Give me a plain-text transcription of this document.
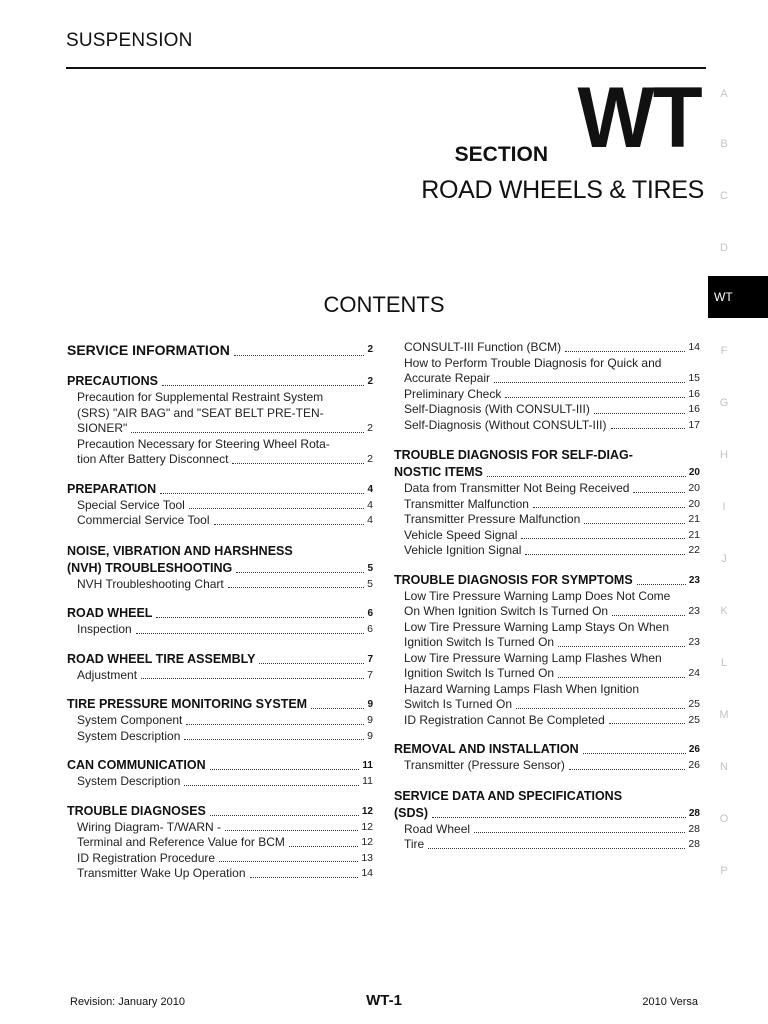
SUSPENSION
SECTION WT
ROAD WHEELS & TIRES
CONTENTS
SERVICE INFORMATION	2
PRECAUTIONS	2
Precaution for Supplemental Restraint System
(SRS) "AIR BAG" and "SEAT BELT PRE-TEN-
SIONER"	2
Precaution Necessary for Steering Wheel Rota-
tion After Battery Disconnect	2
PREPARATION	4
Special Service Tool	4
Commercial Service Tool	4
NOISE, VIBRATION AND HARSHNESS
(NVH) TROUBLESHOOTING	5
NVH Troubleshooting Chart	5
ROAD WHEEL	6
Inspection	6
ROAD WHEEL TIRE ASSEMBLY	7
Adjustment	7
TIRE PRESSURE MONITORING SYSTEM	9
System Component	9
System Description	9
CAN COMMUNICATION	11
System Description	11
TROUBLE DIAGNOSES	12
Wiring Diagram- T/WARN -	12
Terminal and Reference Value for BCM	12
ID Registration Procedure	13
Transmitter Wake Up Operation	14
CONSULT-III Function (BCM)	14
How to Perform Trouble Diagnosis for Quick and
Accurate Repair	15
Preliminary Check	16
Self-Diagnosis (With CONSULT-III)	16
Self-Diagnosis (Without CONSULT-III)	17
TROUBLE DIAGNOSIS FOR SELF-DIAG-
NOSTIC ITEMS	20
Data from Transmitter Not Being Received	20
Transmitter Malfunction	20
Transmitter Pressure Malfunction	21
Vehicle Speed Signal	21
Vehicle Ignition Signal	22
TROUBLE DIAGNOSIS FOR SYMPTOMS	23
Low Tire Pressure Warning Lamp Does Not Come
On When Ignition Switch Is Turned On	23
Low Tire Pressure Warning Lamp Stays On When
Ignition Switch Is Turned On	23
Low Tire Pressure Warning Lamp Flashes When
Ignition Switch Is Turned On	24
Hazard Warning Lamps Flash When Ignition
Switch Is Turned On	25
ID Registration Cannot Be Completed	25
REMOVAL AND INSTALLATION	26
Transmitter (Pressure Sensor)	26
SERVICE DATA AND SPECIFICATIONS
(SDS)	28
Road Wheel	28
Tire	28
A
B
C
D
WT
F
G
H
I
J
K
L
M
N
O
P
Revision: January 2010	WT-1	2010 Versa
